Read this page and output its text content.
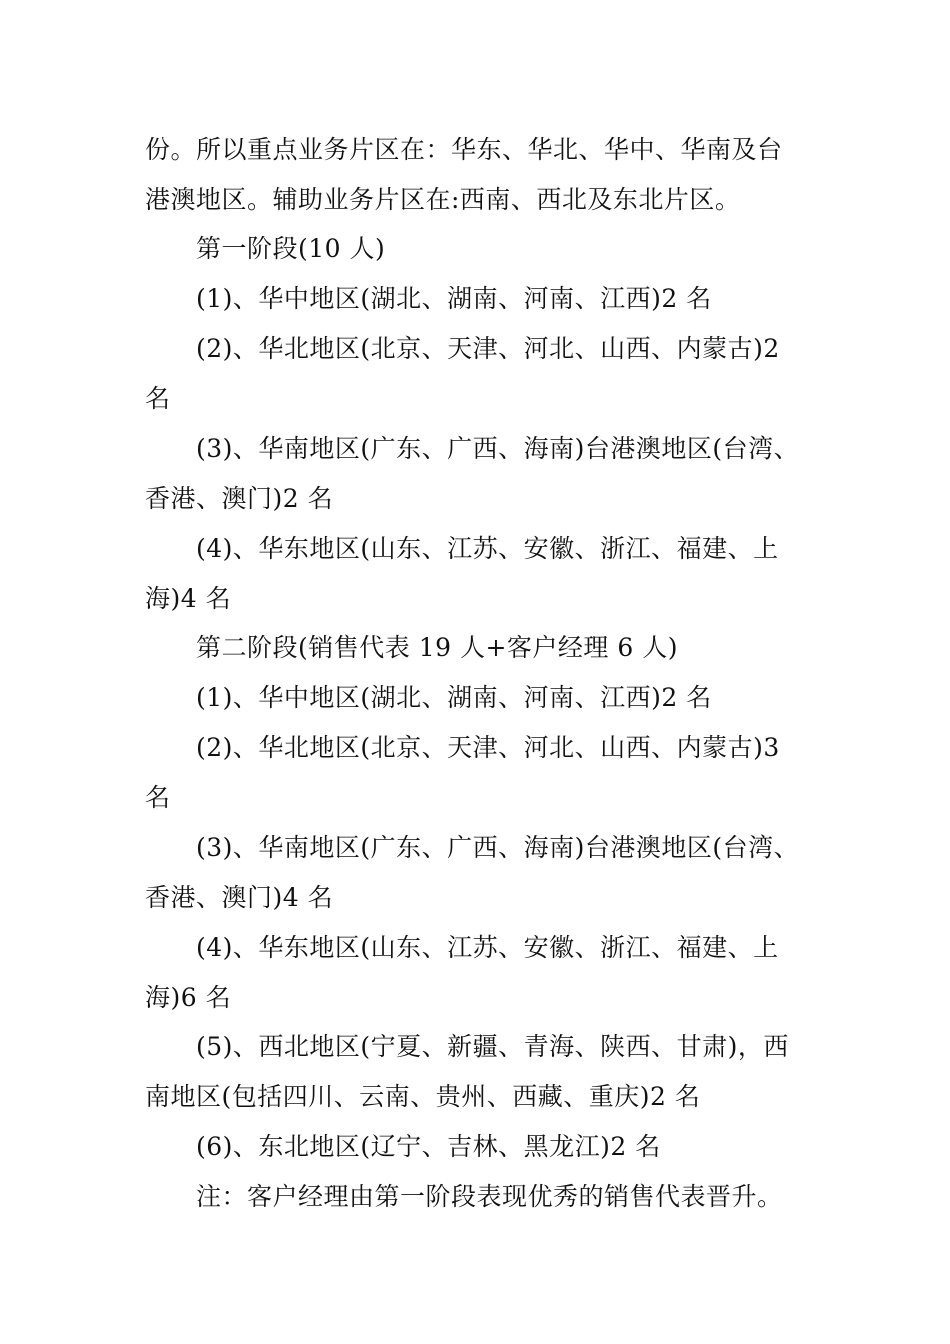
份。所以重点业务片区在：华东、华北、华中、华南及台
港澳地区。辅助业务片区在:西南、西北及东北片区。
第一阶段(10 人)
(1)、华中地区(湖北、湖南、河南、江西)2 名
(2)、华北地区(北京、天津、河北、山西、内蒙古)2
名
(3)、华南地区(广东、广西、海南)台港澳地区(台湾、
香港、澳门)2 名
(4)、华东地区(山东、江苏、安徽、浙江、福建、上
海)4 名
第二阶段(销售代表 19 人+客户经理 6 人)
(1)、华中地区(湖北、湖南、河南、江西)2 名
(2)、华北地区(北京、天津、河北、山西、内蒙古)3
名
(3)、华南地区(广东、广西、海南)台港澳地区(台湾、
香港、澳门)4 名
(4)、华东地区(山东、江苏、安徽、浙江、福建、上
海)6 名
(5)、西北地区(宁夏、新疆、青海、陕西、甘肃)，西
南地区(包括四川、云南、贵州、西藏、重庆)2 名
(6)、东北地区(辽宁、吉林、黑龙江)2 名
注：客户经理由第一阶段表现优秀的销售代表晋升。
